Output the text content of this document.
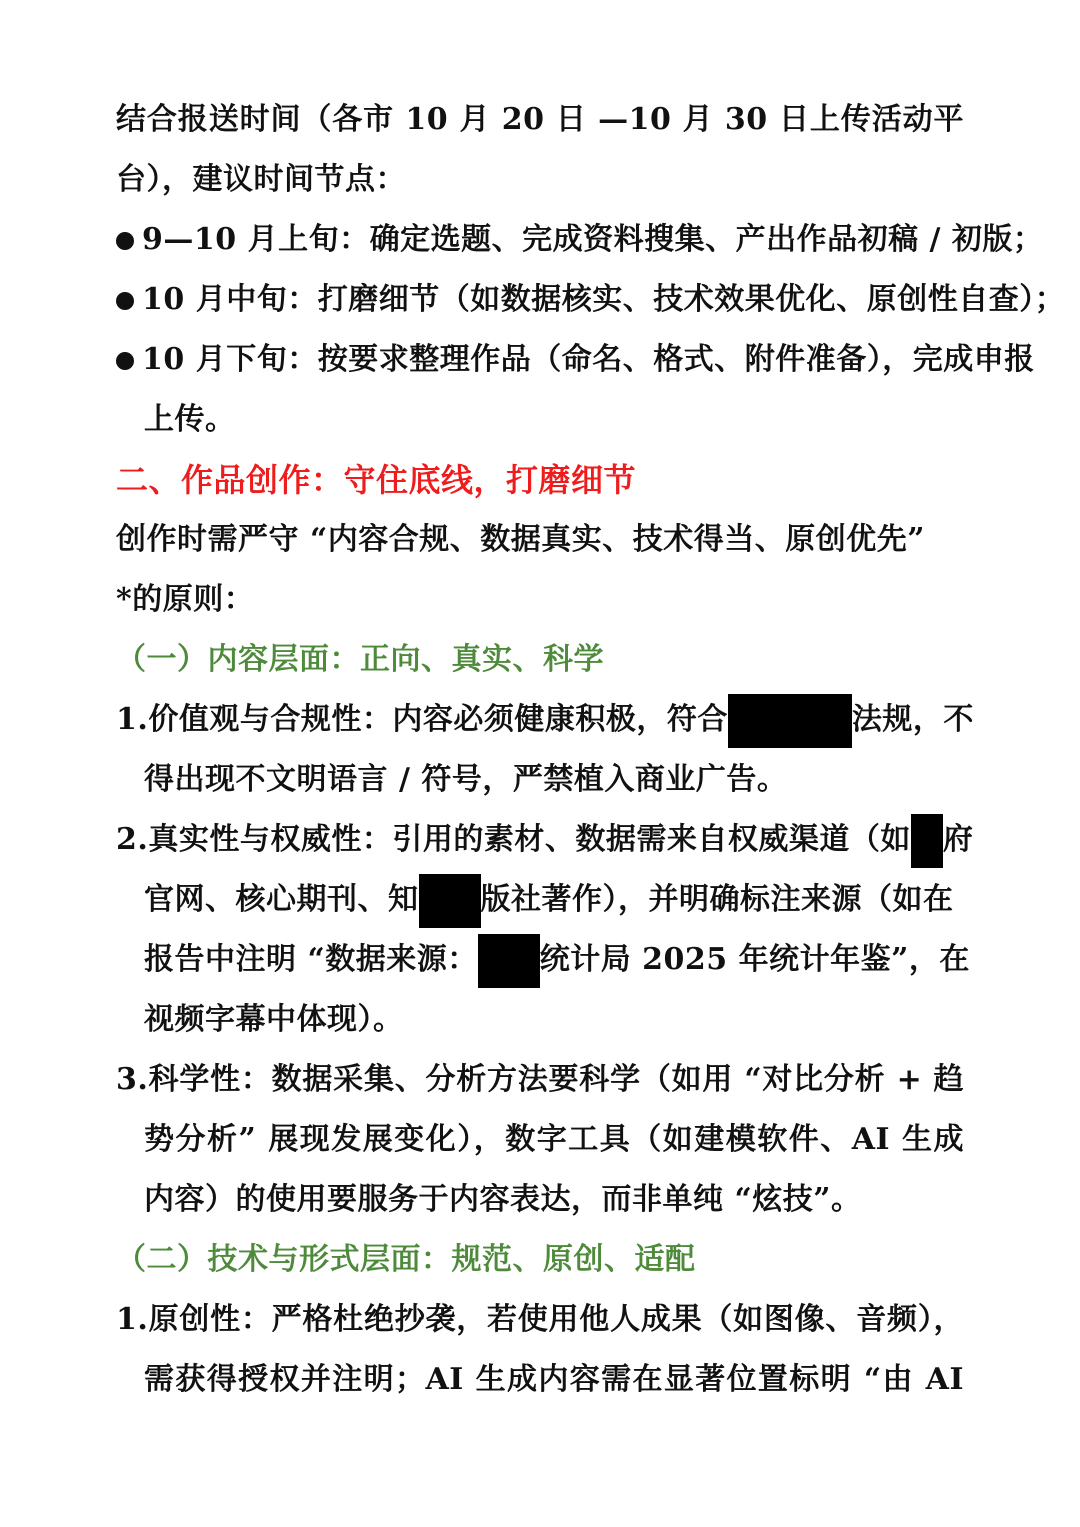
结合报送时间（各市 10 月 20 日 —10 月 30 日上传活动平
台），建议时间节点：
9—10 月上旬：确定选题、完成资料搜集、产出作品初稿 / 初版；
10 月中旬：打磨细节（如数据核实、技术效果优化、原创性自查）；
10 月下旬：按要求整理作品（命名、格式、附件准备），完成申报
上传。
二、作品创作：守住底线，打磨细节
创作时需严守 “内容合规、数据真实、技术得当、原创优先”
*的原则：
（一）内容层面：正向、真实、科学
1.价值观与合规性：内容必须健康积极，符合	法规，不
得出现不文明语言 / 符号，严禁植入商业广告。
2.真实性与权威性：引用的素材、数据需来自权威渠道（如 府
官网、核心期刊、知 版社著作），并明确标注来源（如在
报告中注明 “数据来源： 统计局 2025 年统计年鉴”，在
视频字幕中体现）。
3.科学性：数据采集、分析方法要科学（如用 “对比分析 + 趋
势分析” 展现发展变化），数字工具（如建模软件、AI 生成
内容）的使用要服务于内容表达，而非单纯 “炫技”。
（二）技术与形式层面：规范、原创、适配
1.原创性：严格杜绝抄袭，若使用他人成果（如图像、音频），
需获得授权并注明；AI 生成内容需在显著位置标明 “由 AI
